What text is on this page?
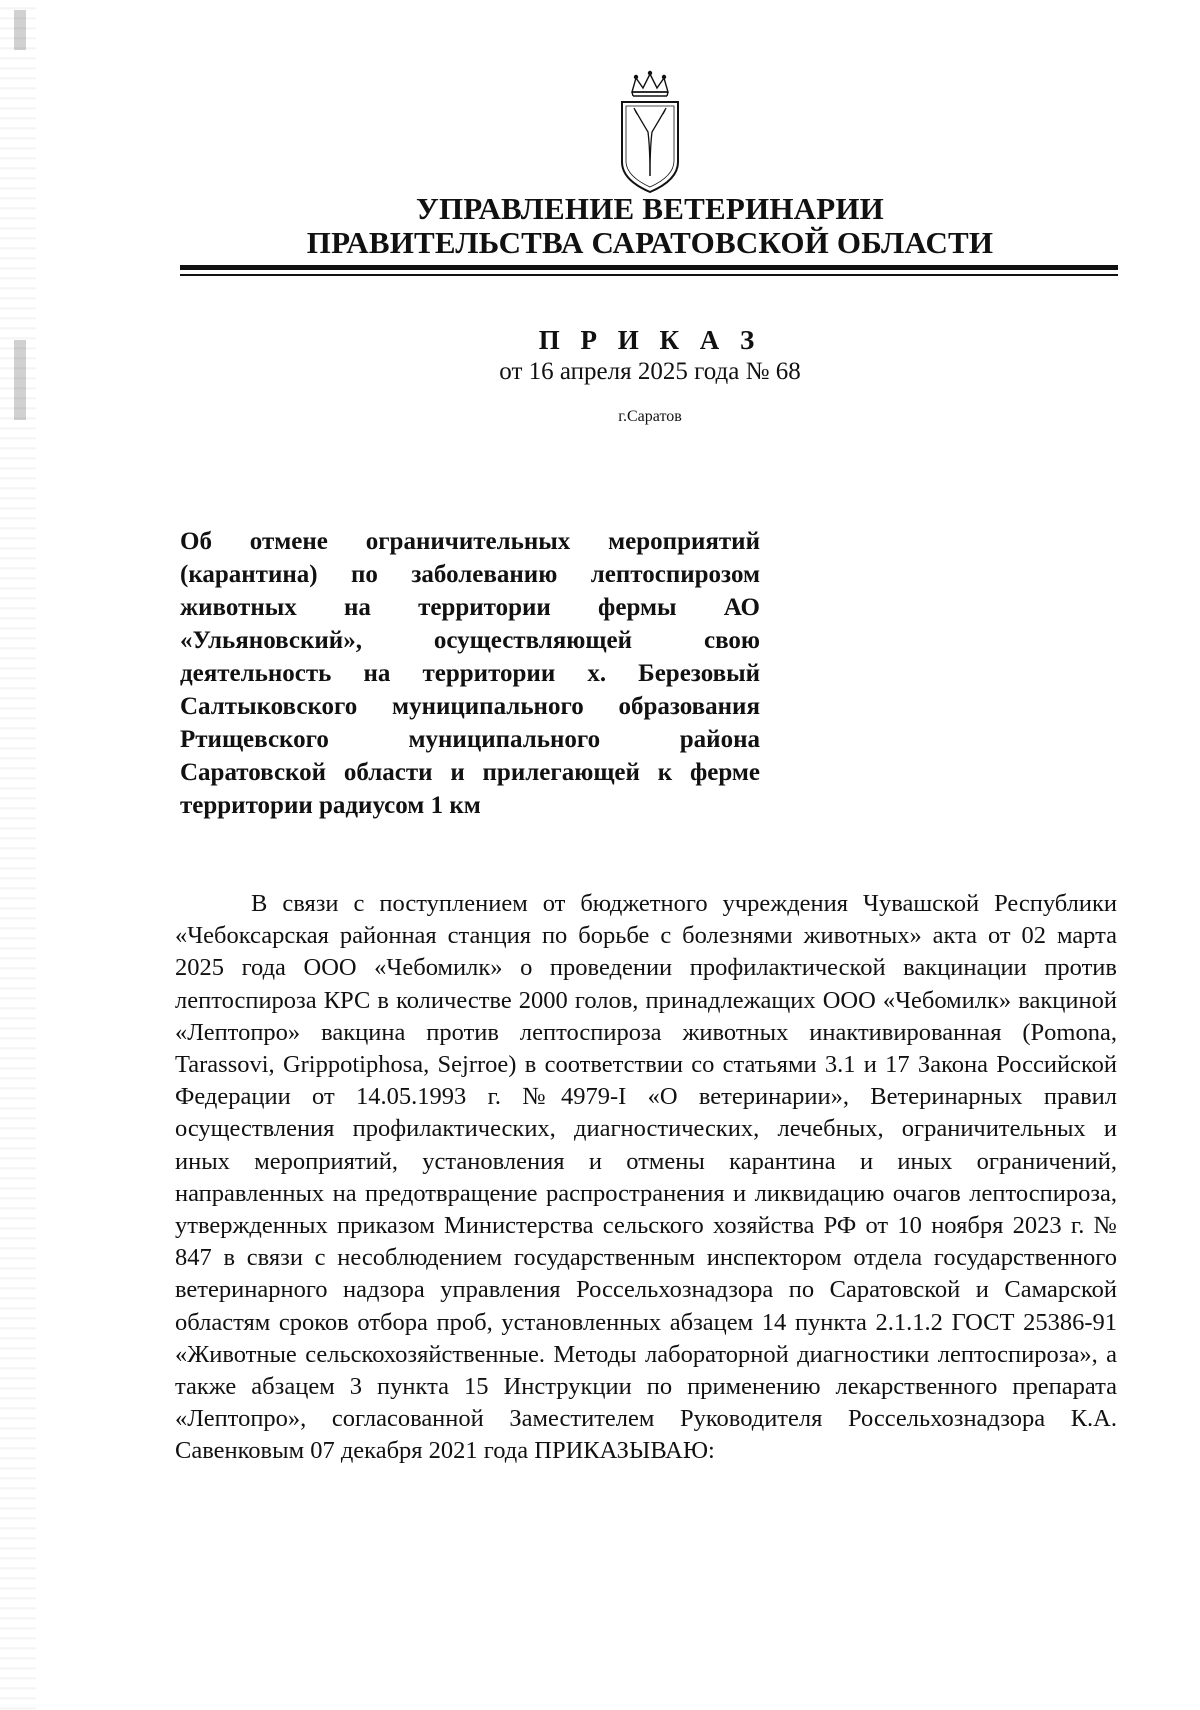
УПРАВЛЕНИЕ ВЕТЕРИНАРИИ
ПРАВИТЕЛЬСТВА САРАТОВСКОЙ ОБЛАСТИ
П Р И К А З
от 16 апреля 2025 года № 68
г.Саратов
Об отмене ограничительных мероприятий (карантина) по заболеванию лептоспирозом животных на территории фермы АО «Ульяновский», осуществляющей свою деятельность на территории х. Березовый Салтыковского муниципального образования Ртищевского муниципального района Саратовской области и прилегающей к ферме территории радиусом 1 км

В связи с поступлением от бюджетного учреждения Чувашской Республики «Чебоксарская районная станция по борьбе с болезнями животных» акта от 02 марта 2025 года ООО «Чебомилк» о проведении профилактической вакцинации против лептоспироза КРС в количестве 2000 голов, принадлежащих ООО «Чебомилк» вакциной «Лептопро» вакцина против лептоспироза животных инактивированная (Pomona, Tarassovi, Grippotiphosa, Sejrroe) в соответствии со статьями 3.1 и 17 Закона Российской Федерации от 14.05.1993 г. №4979-I «О ветеринарии», Ветеринарных правил осуществления профилактических, диагностических, лечебных, ограничительных и иных мероприятий, установления и отмены карантина и иных ограничений, направленных на предотвращение распространения и ликвидацию очагов лептоспироза, утвержденных приказом Министерства сельского хозяйства РФ от 10 ноября 2023 г. № 847 в связи с несоблюдением государственным инспектором отдела государственного ветеринарного надзора управления Россельхознадзора по Саратовской и Самарской областям сроков отбора проб, установленных абзацем 14 пункта 2.1.1.2 ГОСТ 25386-91 «Животные сельскохозяйственные. Методы лабораторной диагностики лептоспироза», а также абзацем 3 пункта 15 Инструкции по применению лекарственного препарата «Лептопро», согласованной Заместителем Руководителя Россельхознадзора К.А. Савенковым 07 декабря 2021 года ПРИКАЗЫВАЮ:
